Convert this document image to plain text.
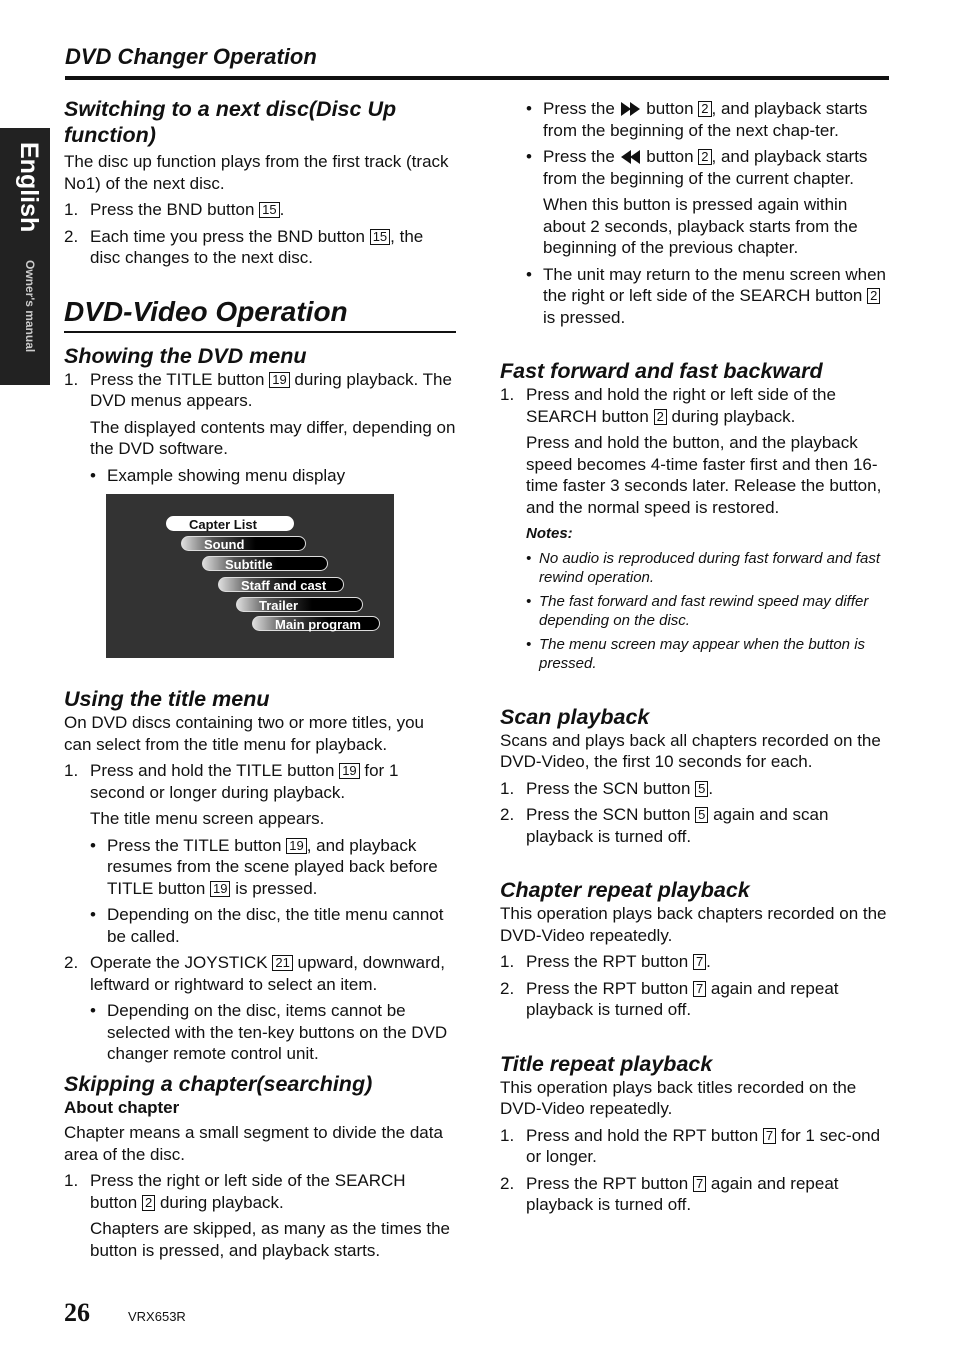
DVD Changer Operation
English
Owner's manual
Switching to a next disc(Disc Up function)

The disc up function plays from the first track (track No1) of the next disc.

1. Press the BND button 15 .
2. Each time you press the BND button 15 , the disc changes to the next disc.
DVD-Video Operation
Showing the DVD menu
1. Press the TITLE button 19 during playback. The DVD menus appears.

The displayed contents may differ, depending on the DVD software.

• Example showing menu display
Capter List
Sound
Subtitle
Staff and cast
Trailer
Main program
Using the title menu

On DVD discs containing two or more titles, you can select from the title menu for playback.

1. Press and hold the TITLE button 19 for 1 second or longer during playback.

The title menu screen appears.

• Press the TITLE button 19 , and playback resumes from the scene played back before TITLE button 19 is pressed.
• Depending on the disc, the title menu cannot be called.
2. Operate the JOYSTICK 21 upward, downward, leftward or rightward to select an item.
• Depending on the disc, items cannot be selected with the ten-key buttons on the DVD changer remote control unit.
Skipping a chapter(searching)

About chapter

Chapter means a small segment to divide the data area of the disc.

1. Press the right or left side of the SEARCH button 2 during playback.

Chapters are skipped, as many as the times the button is pressed, and playback starts.

• Press the  button 2 , and playback starts from the beginning of the next chap-ter.
• Press the  button 2 , and playback starts from the beginning of the current chapter.

When this button is pressed again within about 2 seconds, playback starts from the beginning of the previous chapter.

• The unit may return to the menu screen when the right or left side of the SEARCH button 2 is pressed.
Fast forward and fast backward
1. Press and hold the right or left side of the SEARCH button 2 during playback.

Press and hold the button, and the playback speed becomes 4-time faster first and then 16-time faster 3 seconds later. Release the button, and the normal speed is restored.

Notes:

• No audio is reproduced during fast forward and fast rewind operation.
• The fast forward and fast rewind speed may differ depending on the disc.
• The menu screen may appear when the button is pressed.
Scan playback

Scans and plays back all chapters recorded on the DVD-Video, the first 10 seconds for each.

1. Press the SCN button 5 .
2. Press the SCN button 5 again and scan playback is turned off.
Chapter repeat playback

This operation plays back chapters recorded on the DVD-Video repeatedly.

1. Press the RPT button 7 .
2. Press the RPT button 7 again and repeat playback is turned off.
Title repeat playback

This operation plays back titles recorded on the DVD-Video repeatedly.

1. Press and hold the RPT button 7 for 1 sec-ond or longer.
2. Press the RPT button 7 again and repeat playback is turned off.
26	VRX653R
